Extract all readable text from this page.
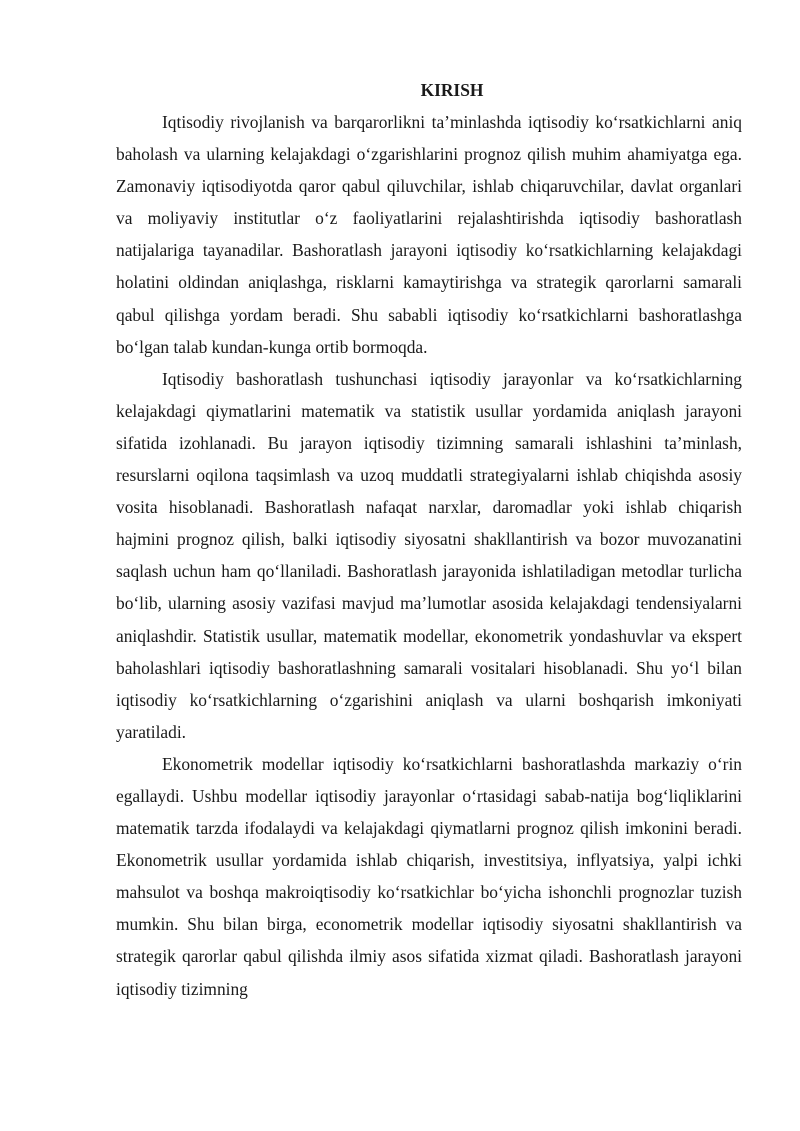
KIRISH

Iqtisodiy rivojlanish va barqarorlikni ta’minlashda iqtisodiy ko‘rsatkichlarni aniq baholash va ularning kelajakdagi o‘zgarishlarini prognoz qilish muhim ahamiyatga ega. Zamonaviy iqtisodiyotda qaror qabul qiluvchilar, ishlab chiqaruvchilar, davlat organlari va moliyaviy institutlar o‘z faoliyatlarini rejalashtirishda iqtisodiy bashoratlash natijalariga tayanadilar. Bashoratlash jarayoni iqtisodiy ko‘rsatkichlarning kelajakdagi holatini oldindan aniqlashga, risklarni kamaytirishga va strategik qarorlarni samarali qabul qilishga yordam beradi. Shu sababli iqtisodiy ko‘rsatkichlarni bashoratlashga bo‘lgan talab kundan-kunga ortib bormoqda.

Iqtisodiy bashoratlash tushunchasi iqtisodiy jarayonlar va ko‘rsatkichlarning kelajakdagi qiymatlarini matematik va statistik usullar yordamida aniqlash jarayoni sifatida izohlanadi. Bu jarayon iqtisodiy tizimning samarali ishlashini ta’minlash, resurslarni oqilona taqsimlash va uzoq muddatli strategiyalarni ishlab chiqishda asosiy vosita hisoblanadi. Bashoratlash nafaqat narxlar, daromadlar yoki ishlab chiqarish hajmini prognoz qilish, balki iqtisodiy siyosatni shakllantirish va bozor muvozanatini saqlash uchun ham qo‘llaniladi. Bashoratlash jarayonida ishlatiladigan metodlar turlicha bo‘lib, ularning asosiy vazifasi mavjud ma’lumotlar asosida kelajakdagi tendensiyalarni aniqlashdir. Statistik usullar, matematik modellar, ekonometrik yondashuvlar va ekspert baholashlari iqtisodiy bashoratlashning samarali vositalari hisoblanadi. Shu yo‘l bilan iqtisodiy ko‘rsatkichlarning o‘zgarishini aniqlash va ularni boshqarish imkoniyati yaratiladi.

Ekonometrik modellar iqtisodiy ko‘rsatkichlarni bashoratlashda markaziy o‘rin egallaydi. Ushbu modellar iqtisodiy jarayonlar o‘rtasidagi sabab-natija bog‘liqliklarini matematik tarzda ifodalaydi va kelajakdagi qiymatlarni prognoz qilish imkonini beradi. Ekonometrik usullar yordamida ishlab chiqarish, investitsiya, inflyatsiya, yalpi ichki mahsulot va boshqa makroiqtisodiy ko‘rsatkichlar bo‘yicha ishonchli prognozlar tuzish mumkin. Shu bilan birga, econometrik modellar iqtisodiy siyosatni shakllantirish va strategik qarorlar qabul qilishda ilmiy asos sifatida xizmat qiladi. Bashoratlash jarayoni iqtisodiy tizimning
